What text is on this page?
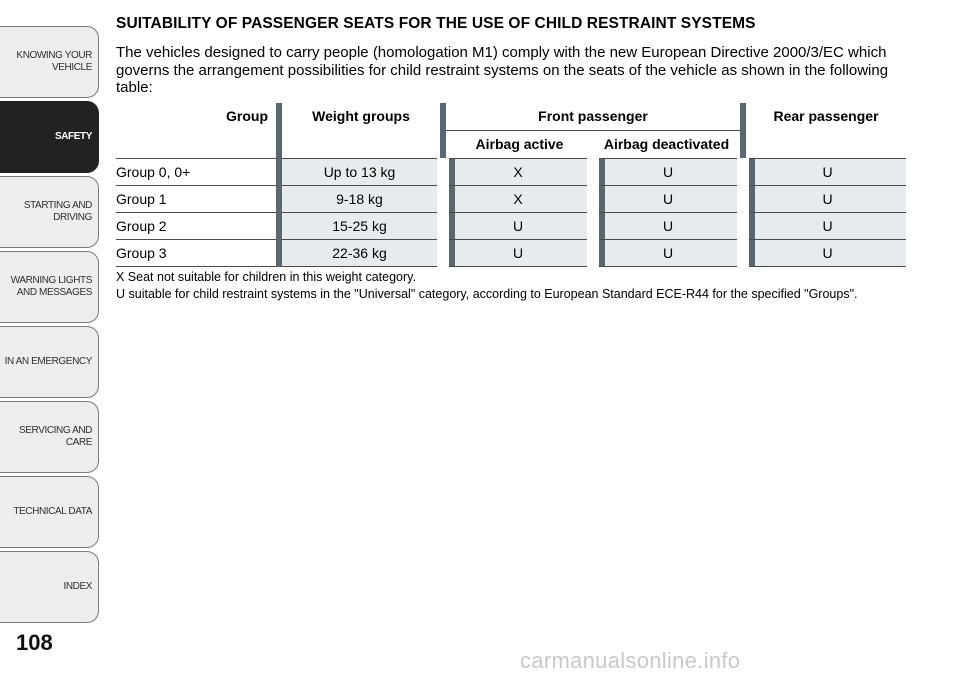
KNOWING YOUR
VEHICLE
SAFETY
STARTING AND
DRIVING
WARNING LIGHTS
AND MESSAGES
IN AN EMERGENCY
SERVICING AND
CARE
TECHNICAL DATA
INDEX
108
carmanualsonline.info
SUITABILITY OF PASSENGER SEATS FOR THE USE OF CHILD RESTRAINT SYSTEMS

The vehicles designed to carry people (homologation M1) comply with the new European Directive 2000/3/EC which governs the arrangement possibilities for child restraint systems on the seats of the vehicle as shown in the following table:

Group	Weight groups	Front passenger		Rear passenger
		Airbag active	Airbag deactivated	
Group 0, 0+	Up to 13 kg	X	U	U
Group 1	9-18 kg	X	U	U
Group 2	15-25 kg	U	U	U
Group 3	22-36 kg	U	U	U

X Seat not suitable for children in this weight category.

U suitable for child restraint systems in the "Universal" category, according to European Standard ECE-R44 for the specified "Groups".
